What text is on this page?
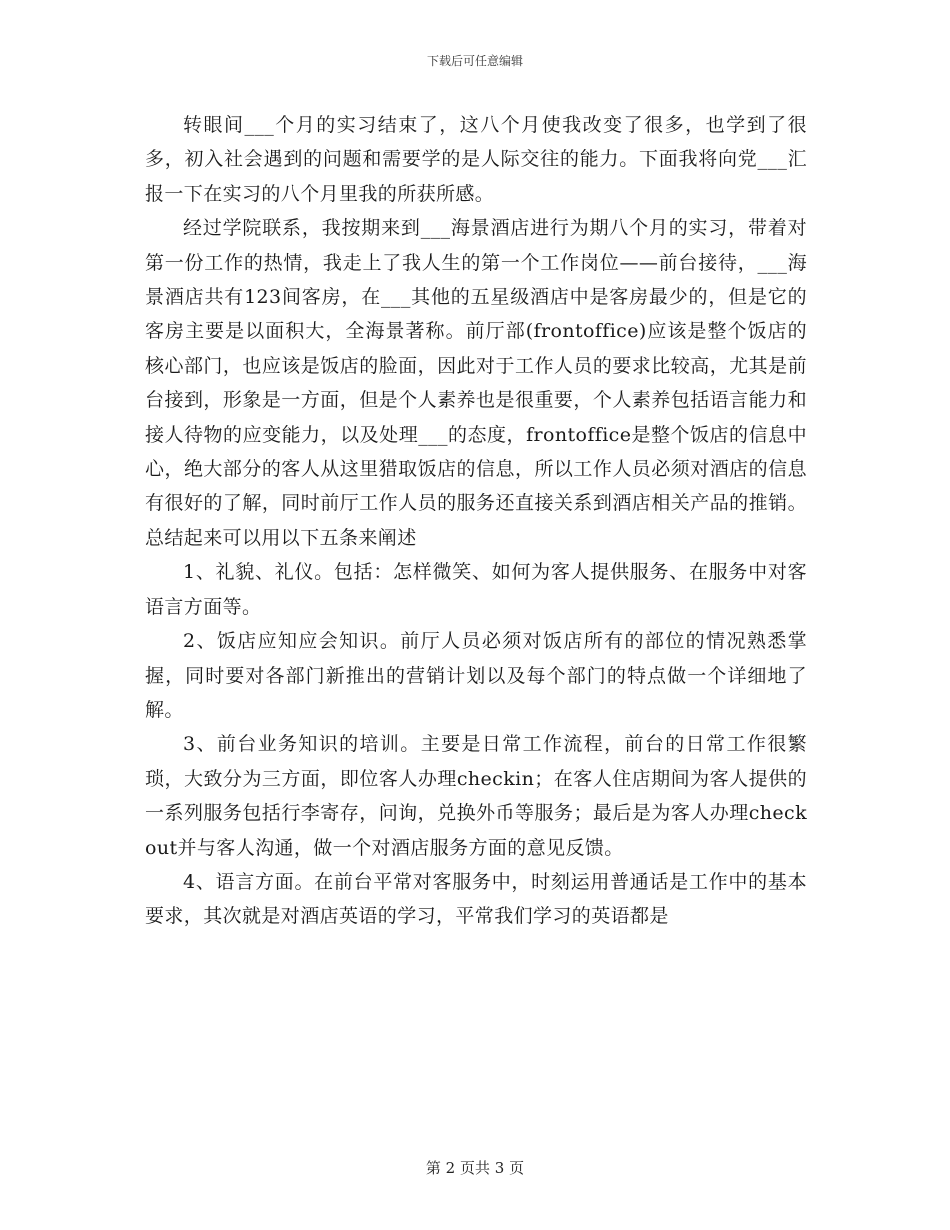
下载后可任意编辑

转眼间___个月的实习结束了，这八个月使我改变了很多，也学到了很多，初入社会遇到的问题和需要学的是人际交往的能力。下面我将向党___汇报一下在实习的八个月里我的所获所感。

经过学院联系，我按期来到___海景酒店进行为期八个月的实习，带着对第一份工作的热情，我走上了我人生的第一个工作岗位——前台接待，___海景酒店共有123间客房，在___其他的五星级酒店中是客房最少的，但是它的客房主要是以面积大，全海景著称。前厅部(frontoffice)应该是整个饭店的核心部门，也应该是饭店的脸面，因此对于工作人员的要求比较高，尤其是前台接到，形象是一方面，但是个人素养也是很重要，个人素养包括语言能力和接人待物的应变能力，以及处理___的态度，frontoffice是整个饭店的信息中心，绝大部分的客人从这里猎取饭店的信息，所以工作人员必须对酒店的信息有很好的了解，同时前厅工作人员的服务还直接关系到酒店相关产品的推销。总结起来可以用以下五条来阐述

1、礼貌、礼仪。包括：怎样微笑、如何为客人提供服务、在服务中对客语言方面等。

2、饭店应知应会知识。前厅人员必须对饭店所有的部位的情况熟悉掌握，同时要对各部门新推出的营销计划以及每个部门的特点做一个详细地了解。

3、前台业务知识的培训。主要是日常工作流程，前台的日常工作很繁琐，大致分为三方面，即位客人办理checkin；在客人住店期间为客人提供的一系列服务包括行李寄存，问询，兑换外币等服务；最后是为客人办理checkout并与客人沟通，做一个对酒店服务方面的意见反馈。

4、语言方面。在前台平常对客服务中，时刻运用普通话是工作中的基本要求，其次就是对酒店英语的学习，平常我们学习的英语都是

第 2 页共 3 页
